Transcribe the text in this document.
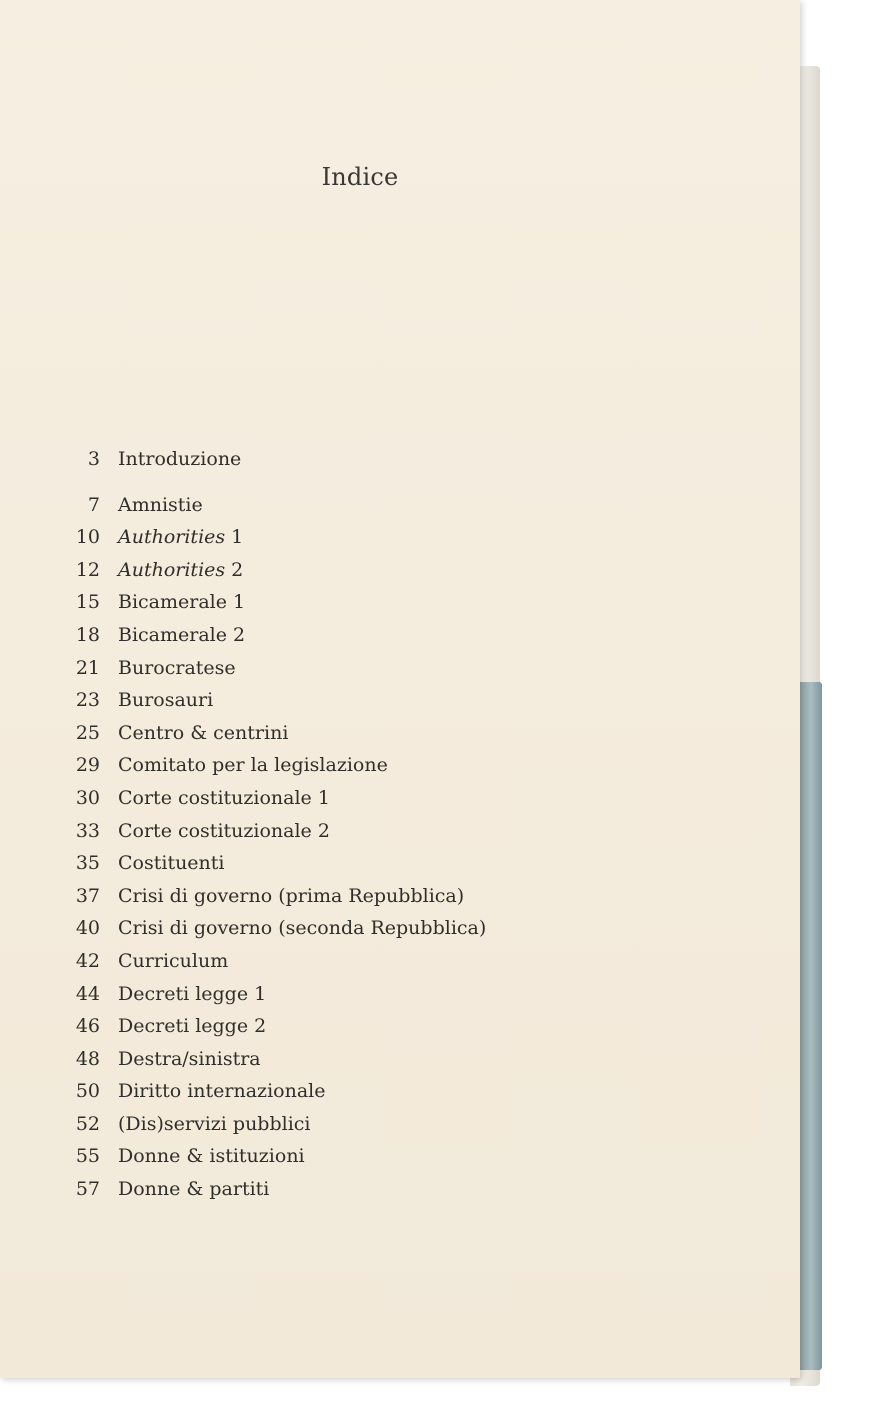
Indice
3 Introduzione
7 Amnistie
10 Authorities 1
12 Authorities 2
15 Bicamerale 1
18 Bicamerale 2
21 Burocratese
23 Burosauri
25 Centro & centrini
29 Comitato per la legislazione
30 Corte costituzionale 1
33 Corte costituzionale 2
35 Costituenti
37 Crisi di governo (prima Repubblica)
40 Crisi di governo (seconda Repubblica)
42 Curriculum
44 Decreti legge 1
46 Decreti legge 2
48 Destra/sinistra
50 Diritto internazionale
52 (Dis)servizi pubblici
55 Donne & istituzioni
57 Donne & partiti
